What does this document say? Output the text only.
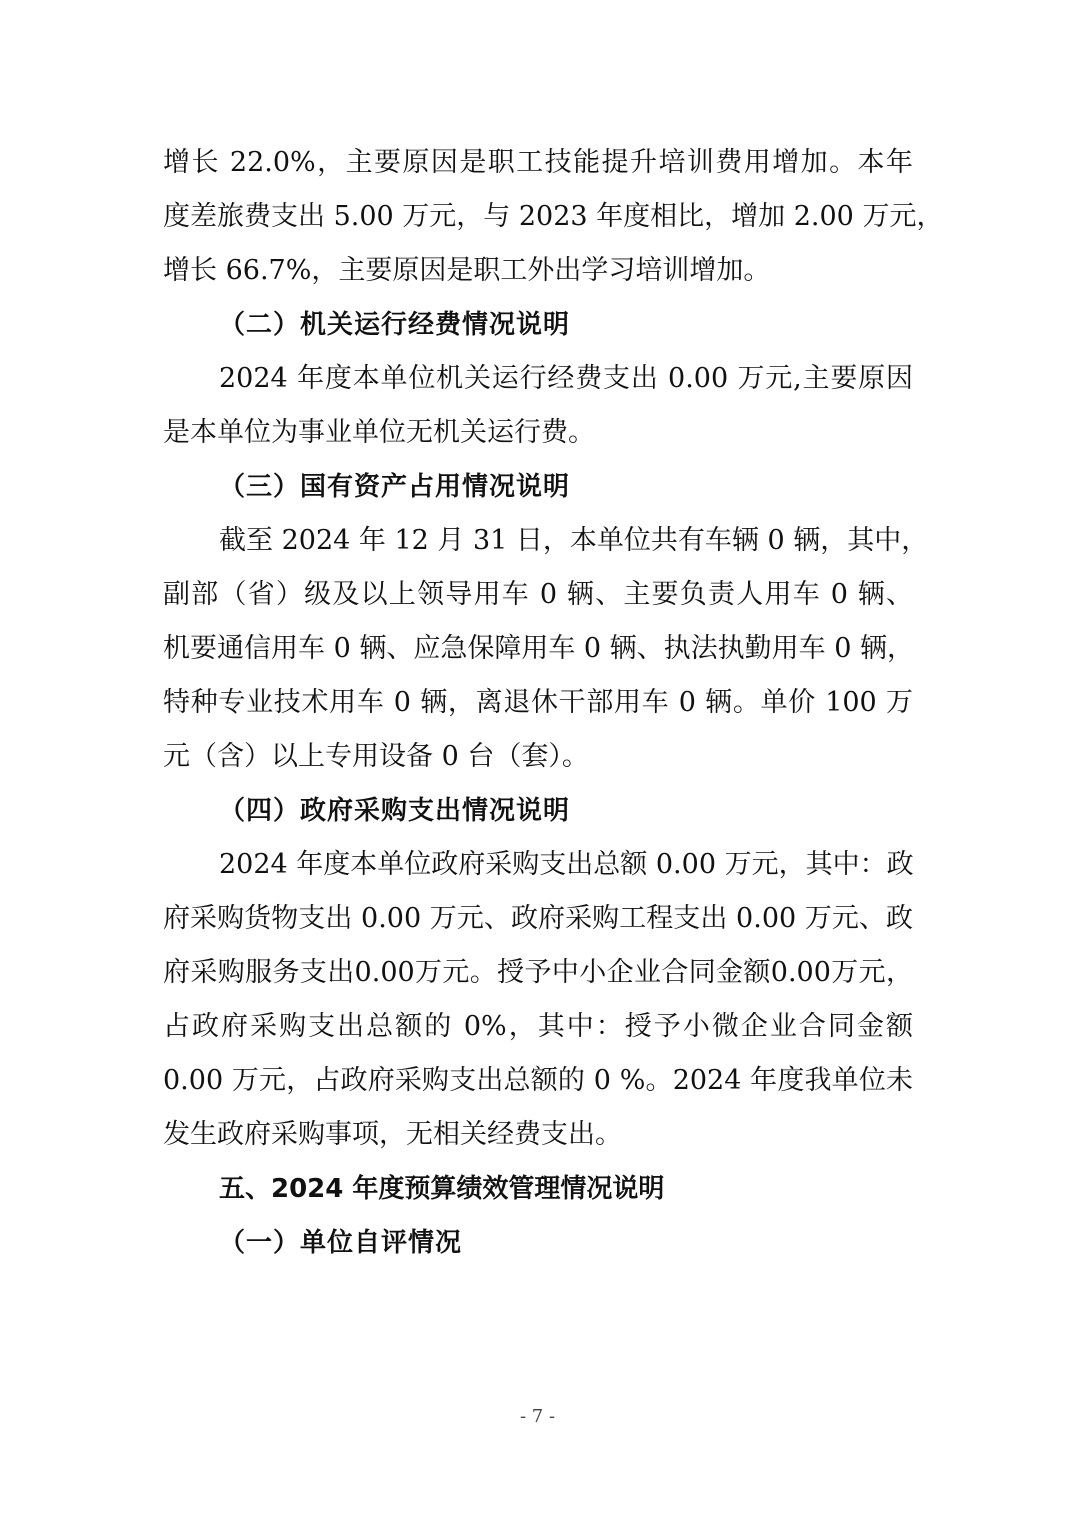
增长 22.0%，主要原因是职工技能提升培训费用增加。本年
度差旅费支出 5.00 万元，与 2023 年度相比，增加 2.00 万元，
增长 66.7%，主要原因是职工外出学习培训增加。
（二）机关运行经费情况说明
2024 年度本单位机关运行经费支出 0.00 万元,主要原因
是本单位为事业单位无机关运行费。
（三）国有资产占用情况说明
截至 2024 年 12 月 31 日，本单位共有车辆 0 辆，其中，
副部（省）级及以上领导用车 0 辆、主要负责人用车 0 辆、
机要通信用车 0 辆、应急保障用车 0 辆、执法执勤用车 0 辆，
特种专业技术用车 0 辆，离退休干部用车 0 辆。单价 100 万
元（含）以上专用设备 0 台（套）。
（四）政府采购支出情况说明
2024 年度本单位政府采购支出总额 0.00 万元，其中：政
府采购货物支出 0.00 万元、政府采购工程支出 0.00 万元、政
府采购服务支出0.00万元。授予中小企业合同金额0.00万元，
占政府采购支出总额的 0%，其中：授予小微企业合同金额
0.00 万元，占政府采购支出总额的 0 %。2024 年度我单位未
发生政府采购事项，无相关经费支出。
五、2024 年度预算绩效管理情况说明
（一）单位自评情况
- 7 -
